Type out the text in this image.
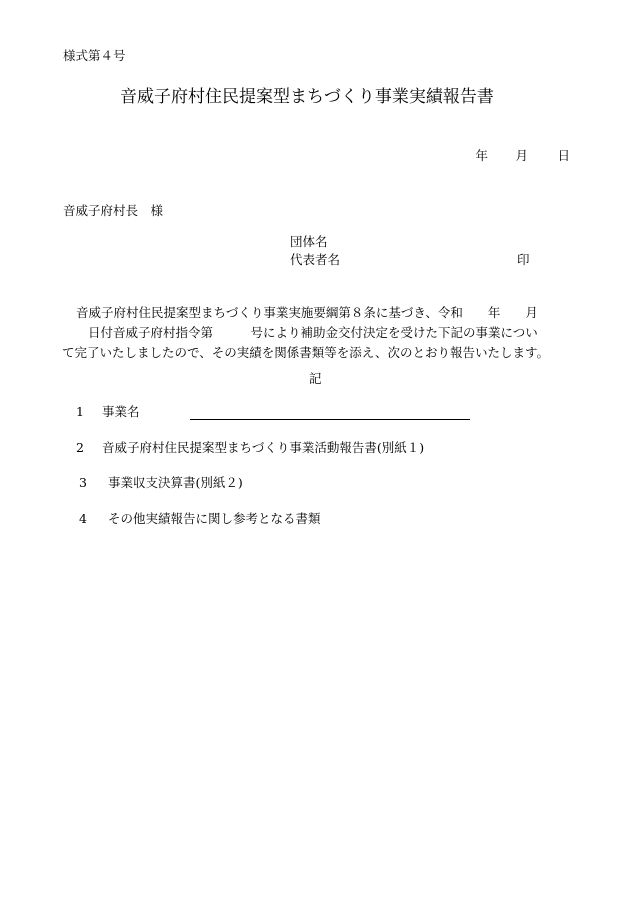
様式第４号
音威子府村住民提案型まちづくり事業実績報告書
年	月	日
音威子府村長　様
団体名
代表者名	印
音威子府村住民提案型まちづくり事業実施要綱第８条に基づき、令和　　年　　月
　　日付音威子府村指令第　　　号により補助金交付決定を受けた下記の事業につい
て完了いたしましたので、その実績を関係書類等を添え、次のとおり報告いたします。
記
1 事業名
2 音威子府村住民提案型まちづくり事業活動報告書(別紙１)
3 事業収支決算書(別紙２)
4 その他実績報告に関し参考となる書類
